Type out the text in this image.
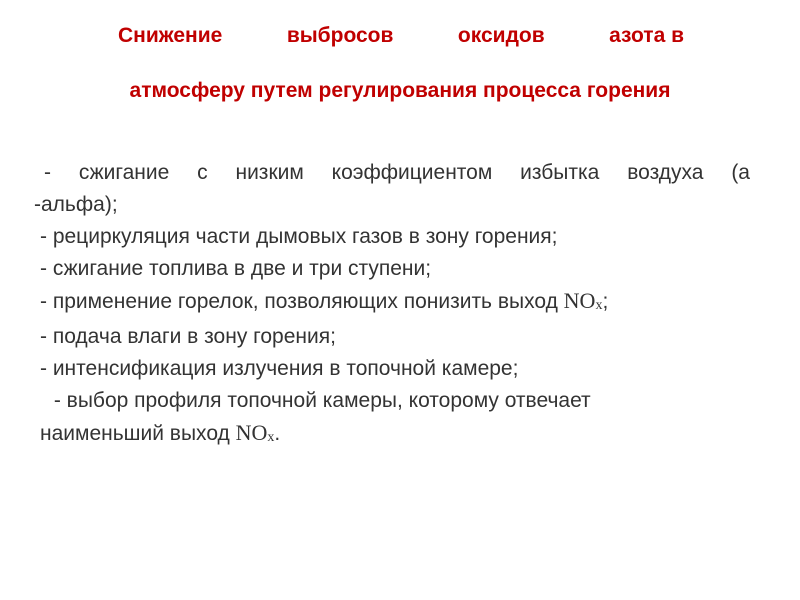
Снижение	выбросов	оксидов	азота в
атмосферу путем регулирования процесса горения
- сжигание с низким коэффициентом избытка воздуха (а
-альфа);
- рециркуляция части дымовых газов в зону горения;
- сжигание топлива в две и три ступени;
- применение горелок, позволяющих понизить выход NOx;
- подача влаги в зону горения;
- интенсификация излучения в топочной камере;
- выбор профиля топочной камеры, которому отвечает
наименьший выход NOx.
